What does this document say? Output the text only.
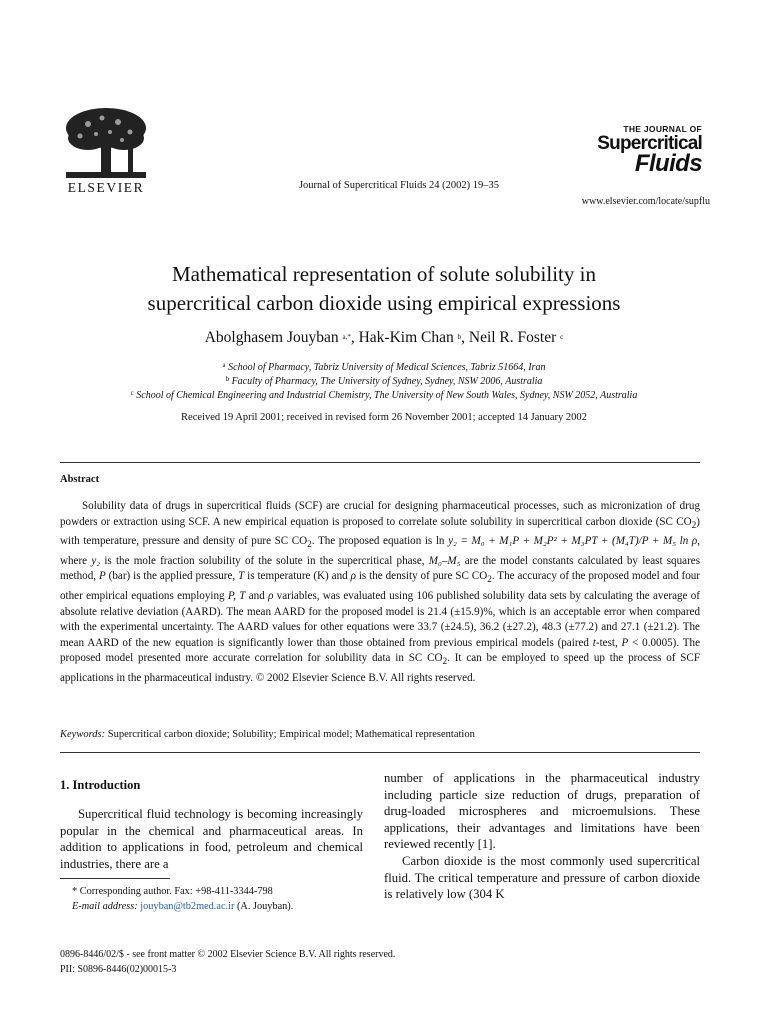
ELSEVIER	Journal of Supercritical Fluids 24 (2002) 19–35
THE JOURNAL OF
Supercritical
Fluids
www.elsevier.com/locate/supflu
Mathematical representation of solute solubility in
supercritical carbon dioxide using empirical expressions
Abolghasem Jouyban $^{a,*}$, Hak-Kim Chan $^b$, Neil R. Foster $^c$
$^a$ School of Pharmacy, Tabriz University of Medical Sciences, Tabriz 51664, Iran
$^b$ Faculty of Pharmacy, The University of Sydney, Sydney, NSW 2006, Australia
$^c$ School of Chemical Engineering and Industrial Chemistry, The University of New South Wales, Sydney, NSW 2052, Australia
Received 19 April 2001; received in revised form 26 November 2001; accepted 14 January 2002
Abstract
Solubility data of drugs in supercritical fluids (SCF) are crucial for designing pharmaceutical processes, such as micronization of drug powders or extraction using SCF. A new empirical equation is proposed to correlate solute solubility in supercritical carbon dioxide (SC $CO_2$) with temperature, pressure and density of pure SC $CO_2$. The proposed equation is ln y₂ = M₀ + M₁P + M₂P² + M₃PT + (M₄T)/P + M₅ ln ρ, where y₂ is the mole fraction solubility of the solute in the supercritical phase, M₀–M₅ are the model constants calculated by least squares method, P (bar) is the applied pressure, T is temperature (K) and ρ is the density of pure SC $CO_2$. The accuracy of the proposed model and four other empirical equations employing P, T and ρ variables, was evaluated using 106 published solubility data sets by calculating the average of absolute relative deviation (AARD). The mean AARD for the proposed model is 21.4 (±15.9)%, which is an acceptable error when compared with the experimental uncertainty. The AARD values for other equations were 33.7 (±24.5), 36.2 (±27.2), 48.3 (±77.2) and 27.1 (±21.2). The mean AARD of the new equation is significantly lower than those obtained from previous empirical models (paired t-test, P < 0.0005). The proposed model presented more accurate correlation for solubility data in SC $CO_2$. It can be employed to speed up the process of SCF applications in the pharmaceutical industry. © 2002 Elsevier Science B.V. All rights reserved.
Keywords: Supercritical carbon dioxide; Solubility; Empirical model; Mathematical representation
1. Introduction
Supercritical fluid technology is becoming increasingly popular in the chemical and pharmaceutical areas. In addition to applications in food, petroleum and chemical industries, there are a
number of applications in the pharmaceutical industry including particle size reduction of drugs, preparation of drug-loaded microspheres and microemulsions. These applications, their advantages and limitations have been reviewed recently [1].
Carbon dioxide is the most commonly used supercritical fluid. The critical temperature and pressure of carbon dioxide is relatively low (304 K
* Corresponding author. Fax: +98-411-3344-798
E-mail address: jouyban@tb2med.ac.ir (A. Jouyban).
0896-8446/02/$ - see front matter © 2002 Elsevier Science B.V. All rights reserved.
PII: S0896-8446(02)00015-3
